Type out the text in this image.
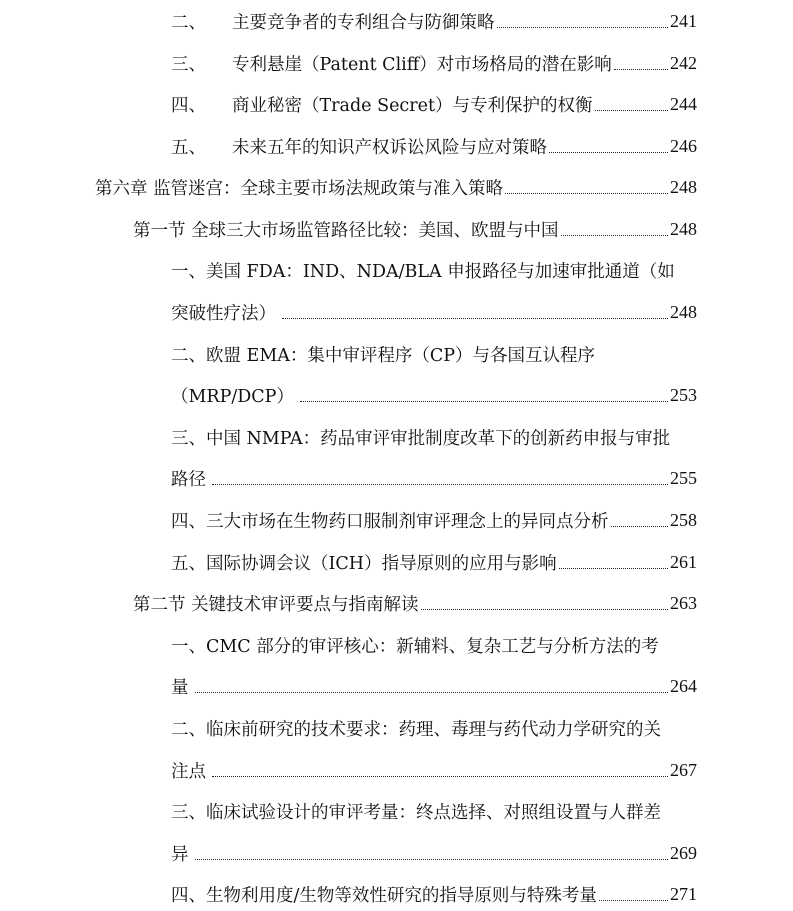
二、 主要竞争者的专利组合与防御策略	241
三、 专利悬崖（Patent Cliff）对市场格局的潜在影响	242
四、 商业秘密（Trade Secret）与专利保护的权衡	244
五、 未来五年的知识产权诉讼风险与应对策略	246
第六章 监管迷宫：全球主要市场法规政策与准入策略	248
第一节 全球三大市场监管路径比较：美国、欧盟与中国	248
一、美国 FDA：IND、NDA/BLA 申报路径与加速审批通道（如
突破性疗法）	248
二、欧盟 EMA：集中审评程序（CP）与各国互认程序
（MRP/DCP）	253
三、中国 NMPA：药品审评审批制度改革下的创新药申报与审批
路径	255
四、三大市场在生物药口服制剂审评理念上的异同点分析	258
五、国际协调会议（ICH）指导原则的应用与影响	261
第二节 关键技术审评要点与指南解读	263
一、CMC 部分的审评核心：新辅料、复杂工艺与分析方法的考
量	264
二、临床前研究的技术要求：药理、毒理与药代动力学研究的关
注点	267
三、临床试验设计的审评考量：终点选择、对照组设置与人群差
异	269
四、生物利用度/生物等效性研究的指导原则与特殊考量	271
